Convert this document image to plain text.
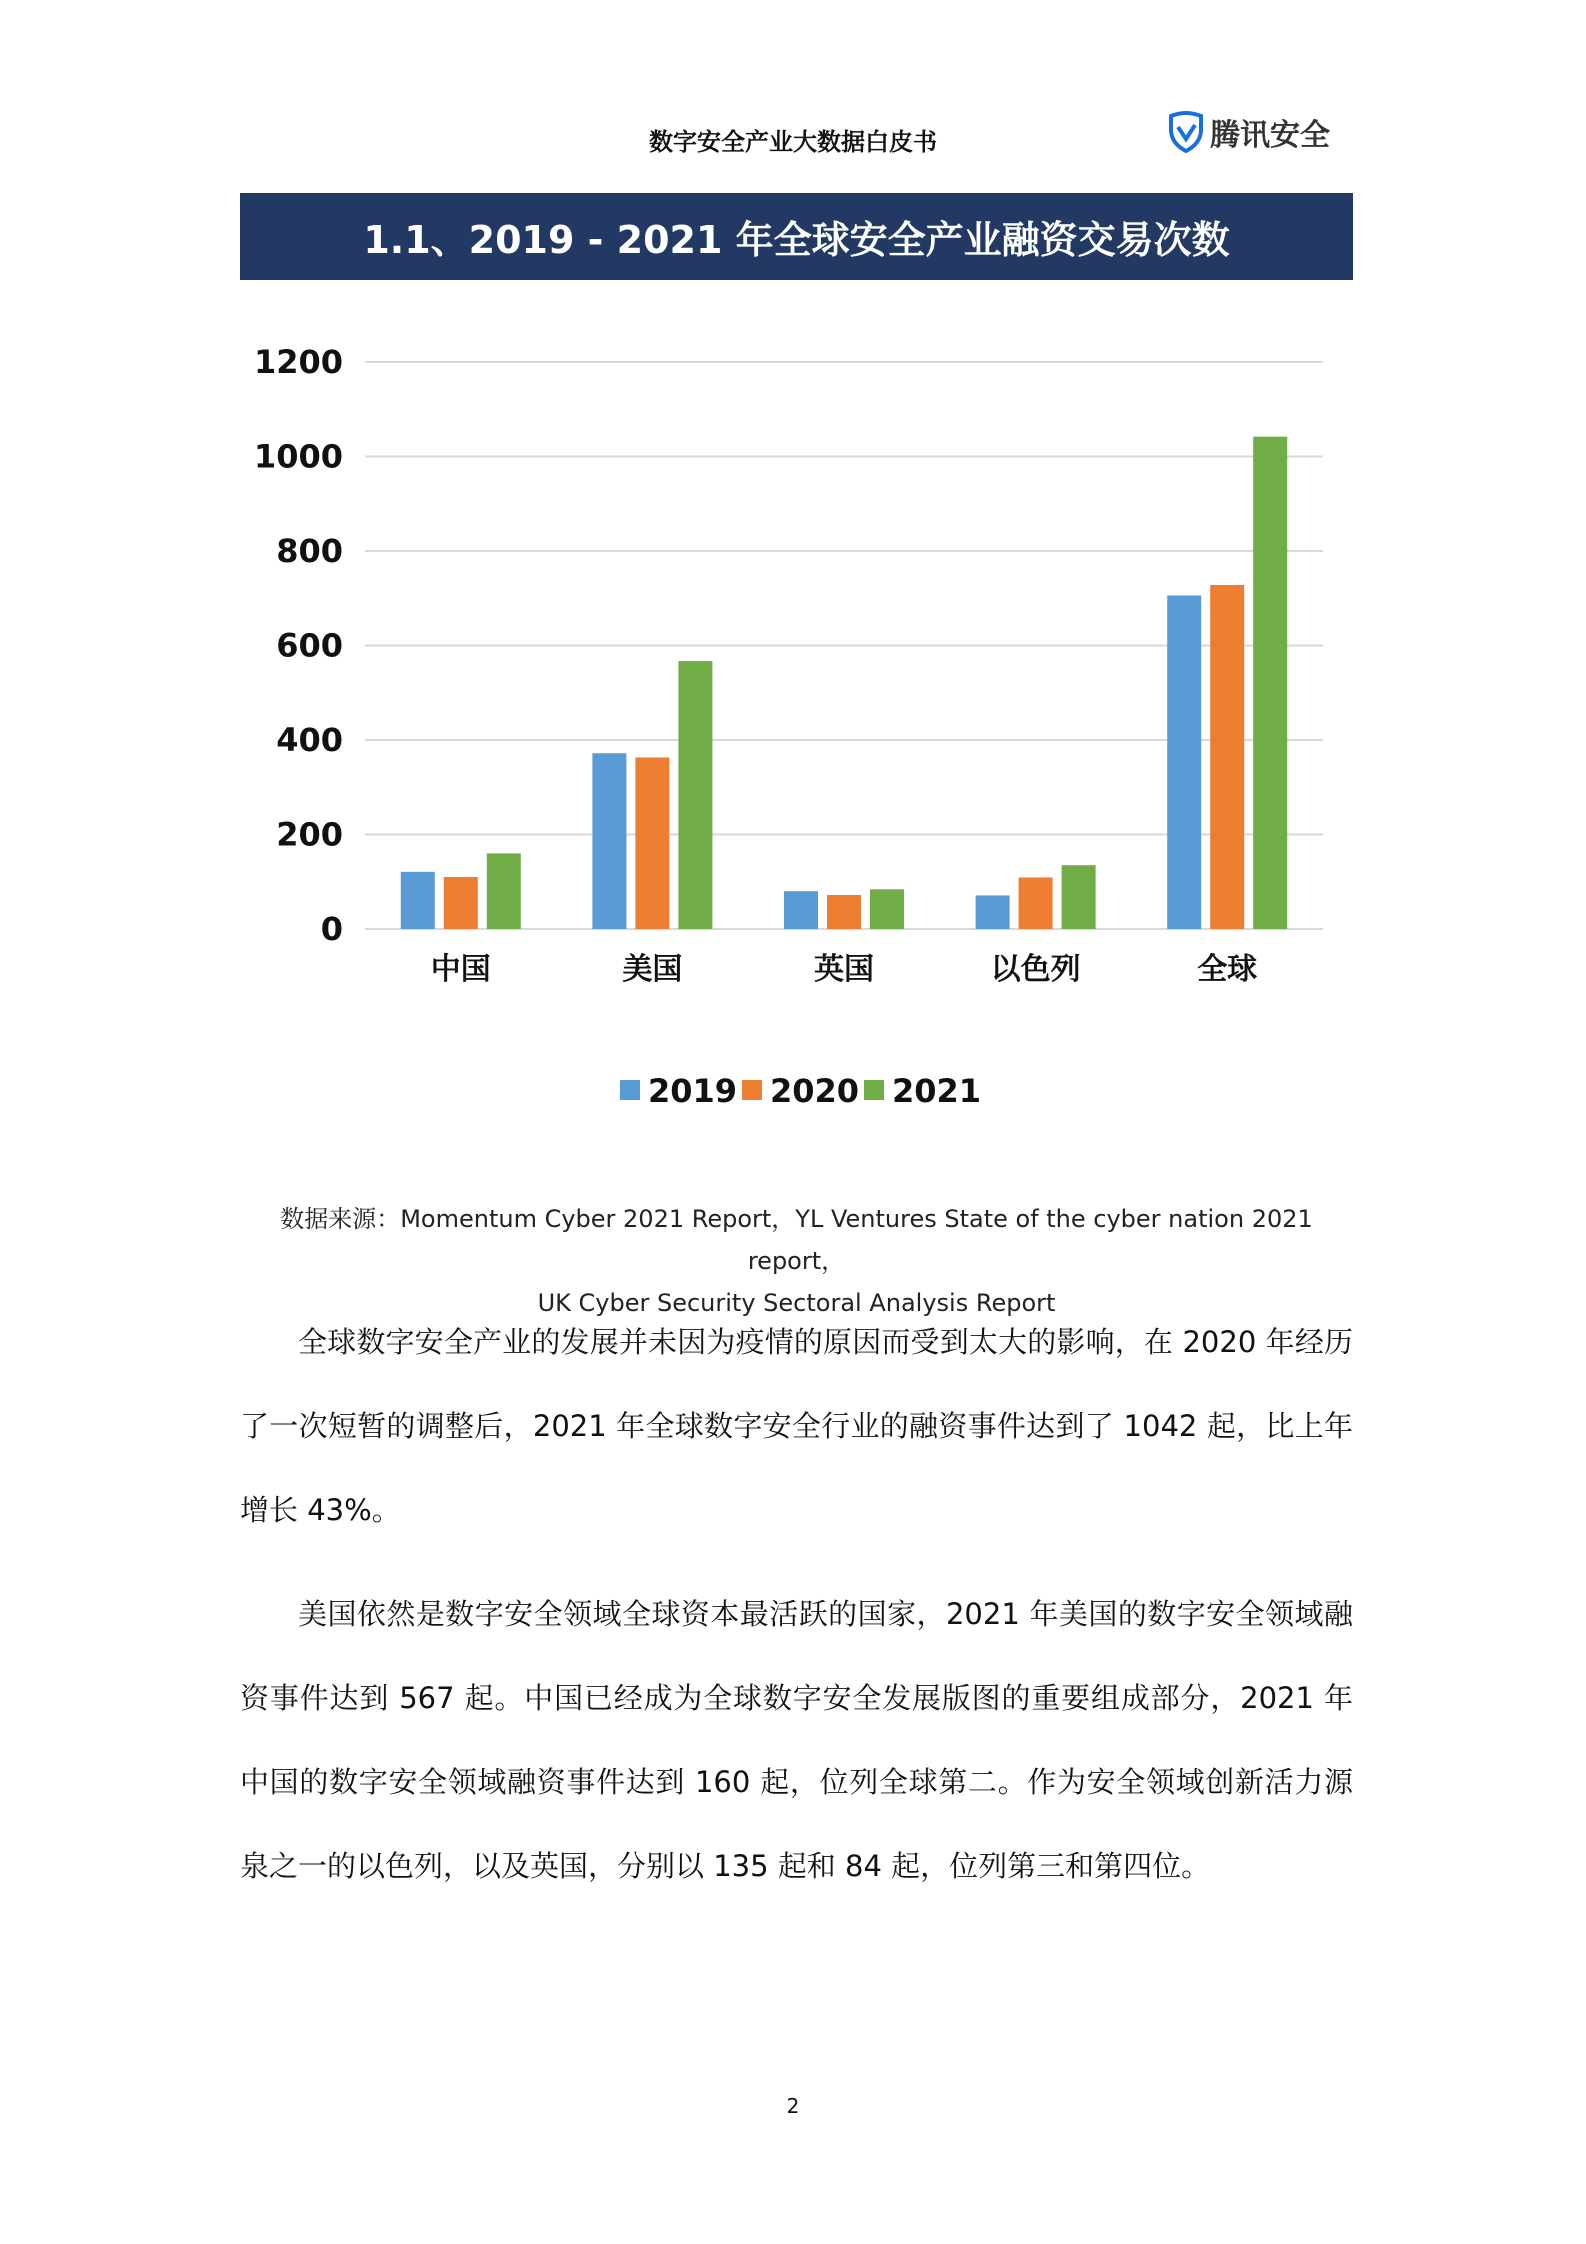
数字安全产业大数据白皮书	腾讯安全
1.1、2019 - 2021 年全球安全产业融资交易次数
0
200
400
600
800
1000
1200
中国	美国	英国	以色列	全球
2019 2020 2021
数据来源：Momentum Cyber 2021 Report，YL Ventures State of the cyber nation 2021 report，
UK Cyber Security Sectoral Analysis Report
全球数字安全产业的发展并未因为疫情的原因而受到太大的影响，在 2020 年经历了一次短暂的调整后，2021 年全球数字安全行业的融资事件达到了 1042 起，比上年增长 43%。
美国依然是数字安全领域全球资本最活跃的国家，2021 年美国的数字安全领域融资事件达到 567 起。中国已经成为全球数字安全发展版图的重要组成部分，2021 年中国的数字安全领域融资事件达到 160 起，位列全球第二。作为安全领域创新活力源泉之一的以色列，以及英国，分别以 135 起和 84 起，位列第三和第四位。
2
